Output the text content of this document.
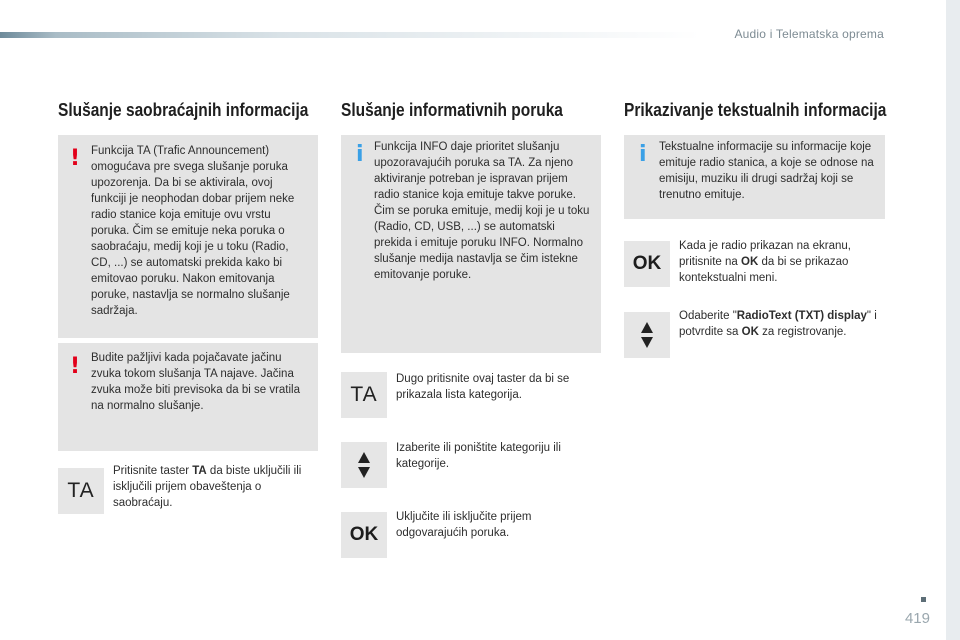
Audio i Telematska oprema
Slušanje saobraćajnih informacija
! Funkcija TA (Trafic Announcement) omogućava pre svega slušanje poruka upozorenja. Da bi se aktivirala, ovoj funkciji je neophodan dobar prijem neke radio stanice koja emituje ovu vrstu poruka. Čim se emituje neka poruka o saobraćaju, medij koji je u toku (Radio, CD, ...) se automatski prekida kako bi emitovao poruku. Nakon emitovanja poruke, nastavlja se normalno slušanje sadržaja.

! Budite pažljivi kada pojačavate jačinu zvuka tokom slušanja TA najave. Jačina zvuka može biti previsoka da bi se vratila na normalno slušanje.

TA

Pritisnite taster TA da biste uključili ili isključili prijem obaveštenja o saobraćaju.

Slušanje informativnih poruka
i Funkcija INFO daje prioritet slušanju upozoravajućih poruka sa TA. Za njeno aktiviranje potreban je ispravan prijem radio stanice koja emituje takve poruke. Čim se poruka emituje, medij koji je u toku (Radio, CD, USB, ...) se automatski prekida i emituje poruku INFO. Normalno slušanje medija nastavlja se čim istekne emitovanje poruke.

TA

Dugo pritisnite ovaj taster da bi se prikazala lista kategorija.

Izaberite ili poništite kategoriju ili kategorije.

OK

Uključite ili isključite prijem odgovarajućih poruka.

Prikazivanje tekstualnih informacija
i Tekstualne informacije su informacije koje emituje radio stanica, a koje se odnose na emisiju, muziku ili drugi sadržaj koji se trenutno emituje.

OK

Kada je radio prikazan na ekranu, pritisnite na OK da bi se prikazao kontekstualni meni.

Odaberite "RadioText (TXT) display" i potvrdite sa OK za registrovanje.

419
